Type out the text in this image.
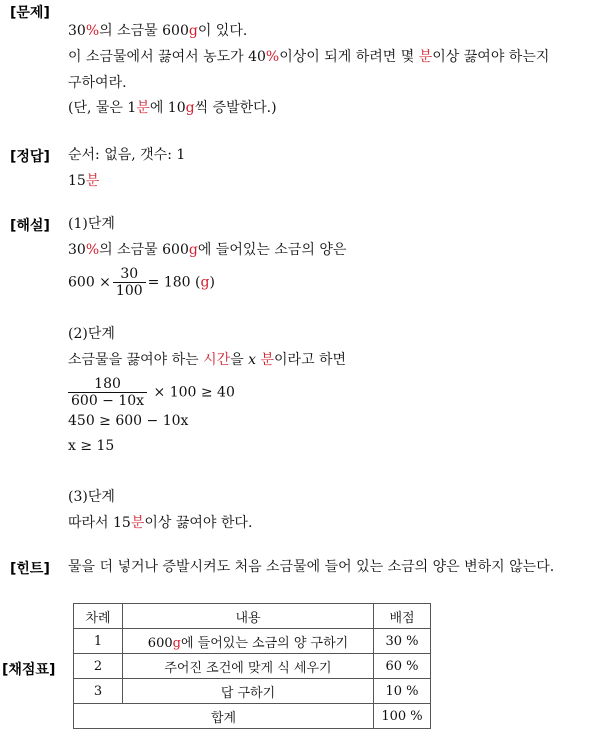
[문제]
30%의 소금물 600g이 있다.
이 소금물에서 끓여서 농도가 40%이상이 되게 하려면 몇 분이상 끓여야 하는지
구하여라.
(단, 물은 1분에 10g씩 증발한다.)
[정답] 순서: 없음, 갯수: 1
15분
[해설] (1)단계
30%의 소금물 600g에 들어있는 소금의 양은
$600 \times \frac{30}{100} = 180$ (g)
(2)단계
소금물을 끓여야 하는 시간을 x 분이라고 하면
$\frac{180}{600 - 10x} \times 100 \ge 40$
450 ≥ 600 − 10x
x ≥ 15
(3)단계
따라서 15분이상 끓여야 한다.
[힌트] 물을 더 넣거나 증발시켜도 처음 소금물에 들어 있는 소금의 양은 변하지 않는다.
[채점표]
차례	내용	배점
1	600g에 들어있는 소금의 양 구하기	30 %
2	주어진 조건에 맞게 식 세우기	60 %
3	답 구하기	10 %
합계		100 %
